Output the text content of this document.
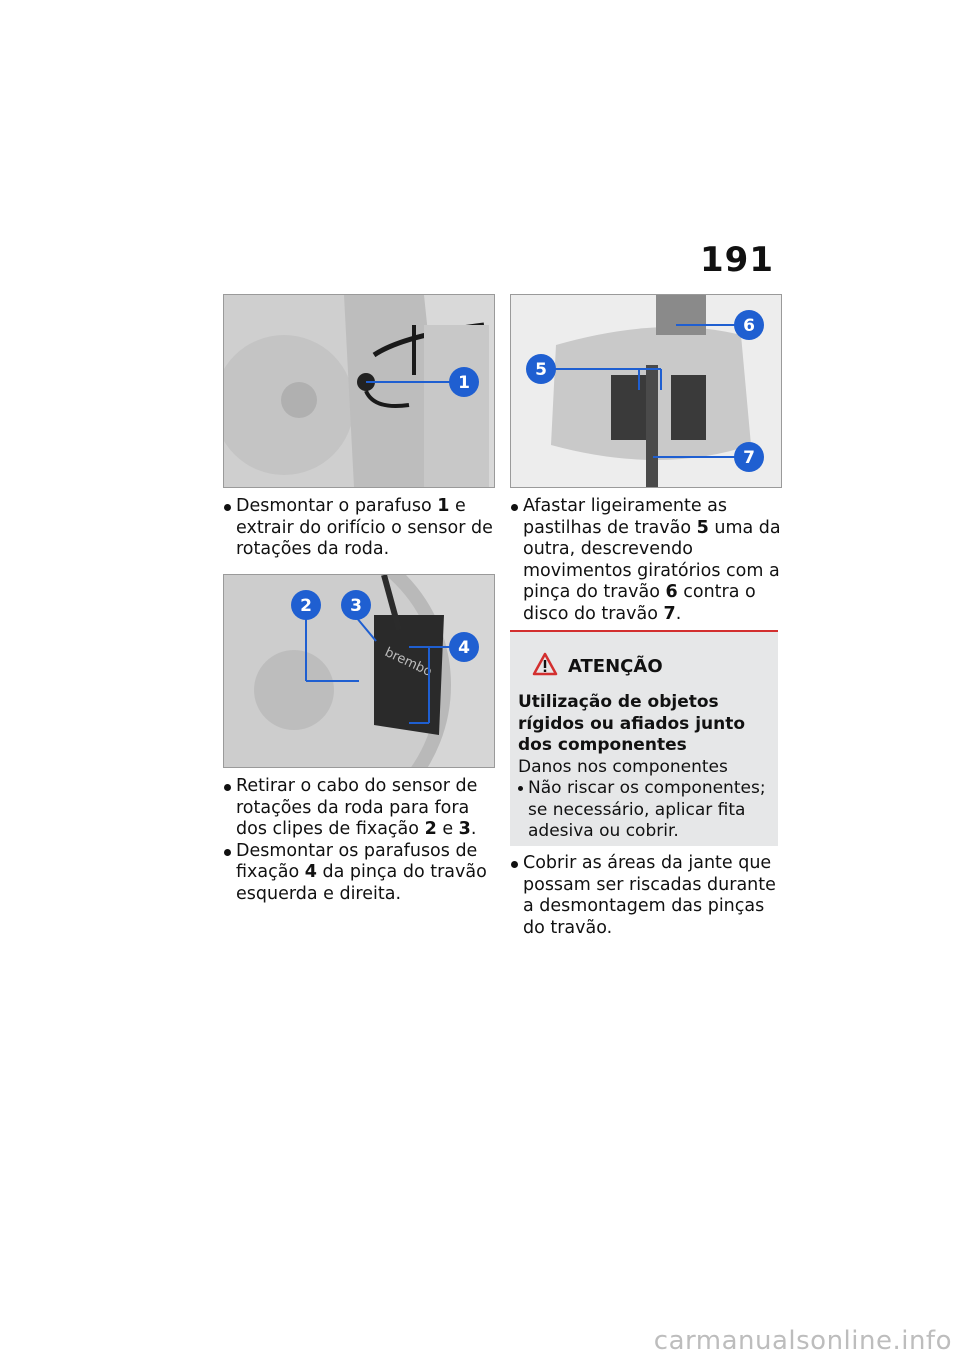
191
1
brembo
2 3
4
5
6
7

Desmontar o parafuso 1 e extrair do orifício o sensor de rotações da roda.

Retirar o cabo do sensor de rotações da roda para fora dos clipes de fixação 2 e 3.

Desmontar os parafusos de fixação 4 da pinça do travão esquerda e direita.

Afastar ligeiramente as pastilhas de travão 5 uma da outra, descrevendo movimentos giratórios com a pinça do travão 6 contra o disco do travão 7.

ATENÇÃO
Utilização de objetos rígidos ou afiados junto dos componentes
Danos nos componentes
Não riscar os componentes; se necessário, aplicar fita adesiva ou cobrir.

Cobrir as áreas da jante que possam ser riscadas durante a desmontagem das pinças do travão.

carmanualsonline.info
